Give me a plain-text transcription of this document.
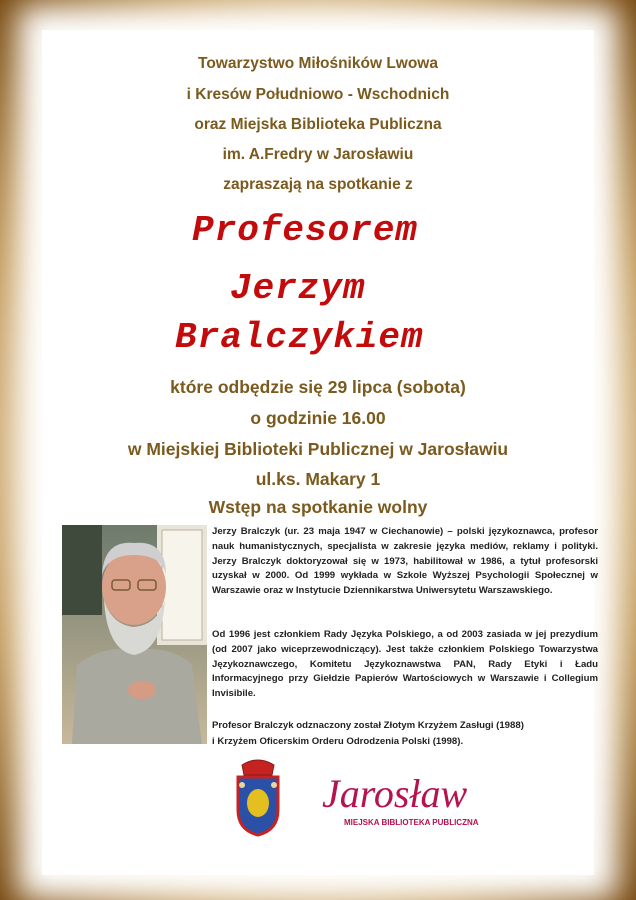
Towarzystwo Miłośników Lwowa
i Kresów Południowo - Wschodnich
oraz Miejska Biblioteka Publiczna
im. A.Fredry w Jarosławiu
zapraszają na spotkanie z
Profesorem
Jerzym
Bralczykiem
które odbędzie się 29 lipca (sobota)
o godzinie 16.00
w Miejskiej Biblioteki Publicznej w Jarosławiu
ul.ks. Makary 1
Wstęp na spotkanie wolny
Jerzy Bralczyk (ur. 23 maja 1947 w Ciechanowie) – polski językoznawca, profesor nauk humanistycznych, specjalista w zakresie języka mediów, reklamy i polityki. Jerzy Bralczyk doktoryzował się w 1973, habilitował w 1986, a tytuł profesorski uzyskał w 2000. Od 1999 wykłada w Szkole Wyższej Psychologii Społecznej w Warszawie oraz w Instytucie Dziennikarstwa Uniwersytetu Warszawskiego.
Od 1996 jest członkiem Rady Języka Polskiego, a od 2003 zasiada w jej prezydium (od 2007 jako wiceprzewodniczący). Jest także członkiem Polskiego Towarzystwa Językoznawczego, Komitetu Językoznawstwa PAN, Rady Etyki i Ładu Informacyjnego przy Giełdzie Papierów Wartościowych w Warszawie i Collegium Invisibile.
Profesor Bralczyk odznaczony został Złotym Krzyżem Zasługi (1988)
i Krzyżem Oficerskim Orderu Odrodzenia Polski (1998).
Jarosław
MIEJSKA BIBLIOTEKA PUBLICZNA
